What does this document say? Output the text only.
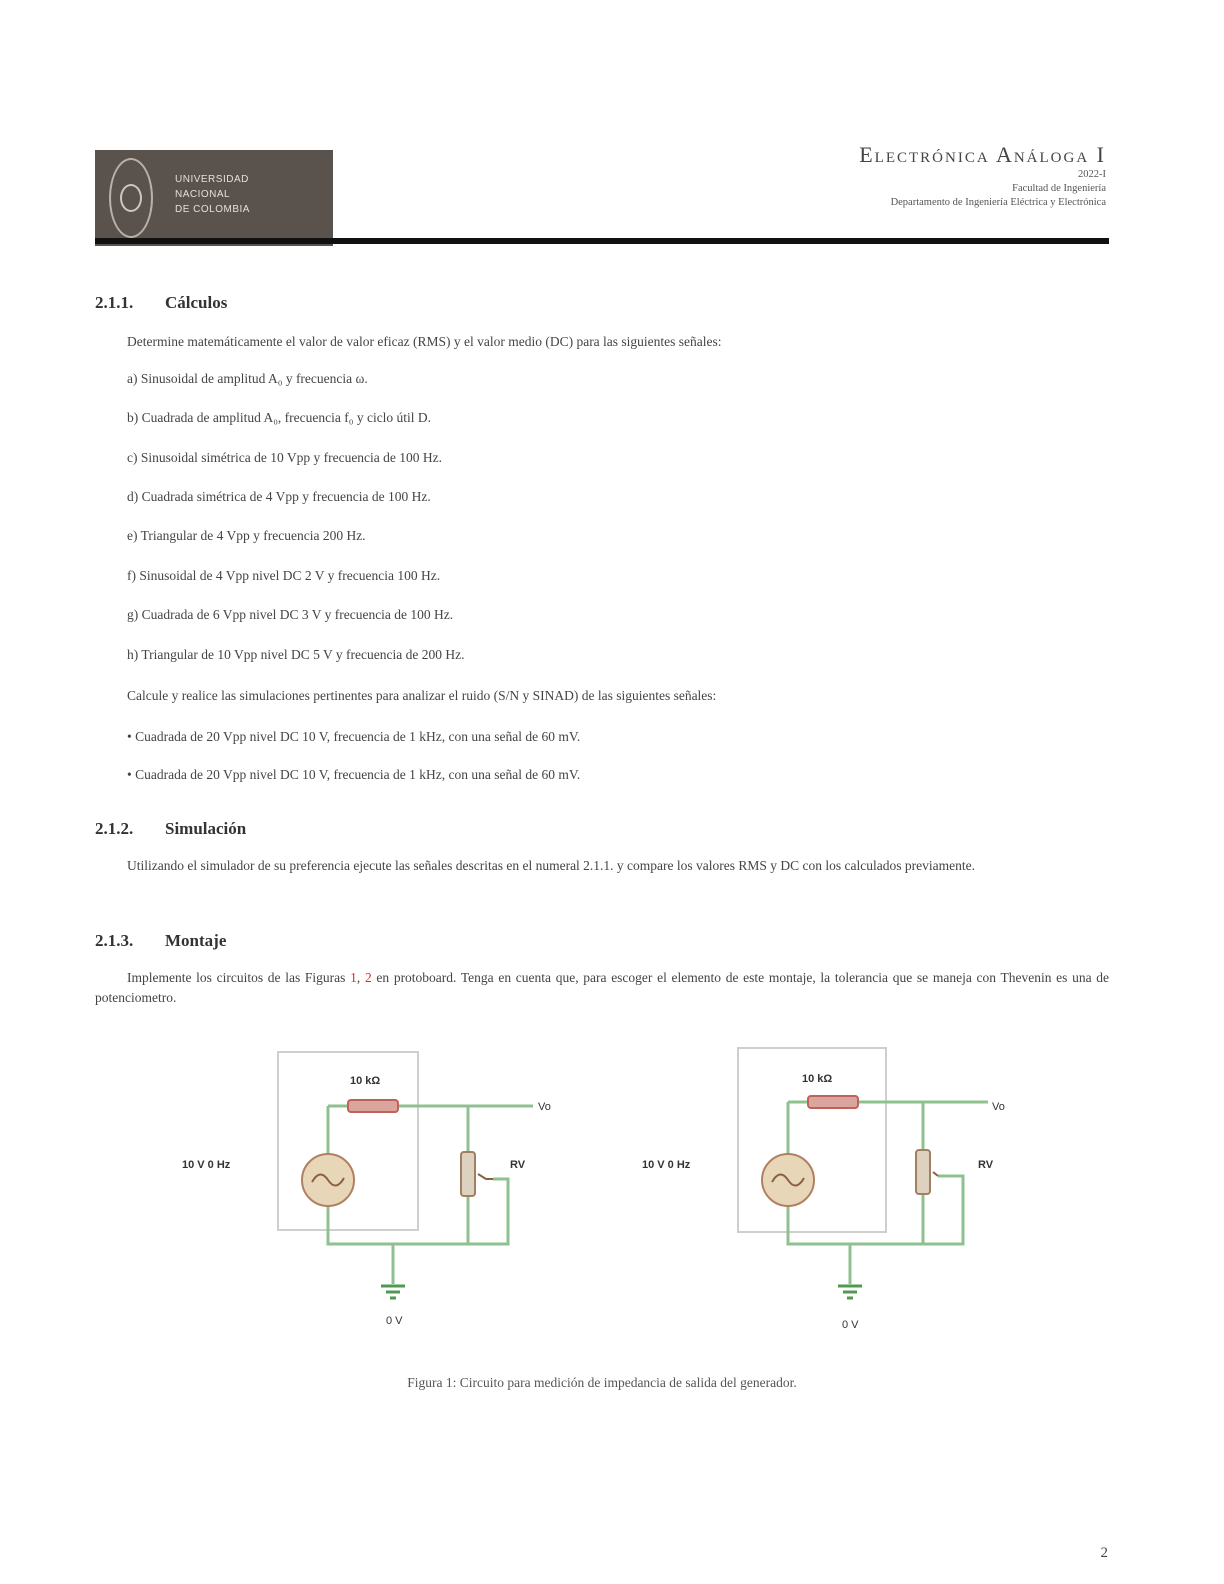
UNIVERSIDAD
NACIONAL
DE COLOMBIA
Electrónica Análoga I
2022-I
Facultad de Ingeniería
Departamento de Ingeniería Eléctrica y Electrónica
2.1.1. Cálculos
Determine matemáticamente el valor de valor eficaz (RMS) y el valor medio (DC) para las siguientes señales:
a) Sinusoidal de amplitud A₀ y frecuencia ω.
b) Cuadrada de amplitud A₀, frecuencia f₀ y ciclo útil D.
c) Sinusoidal simétrica de 10 Vpp y frecuencia de 100 Hz.
d) Cuadrada simétrica de 4 Vpp y frecuencia de 100 Hz.
e) Triangular de 4 Vpp y frecuencia 200 Hz.
f) Sinusoidal de 4 Vpp nivel DC 2 V y frecuencia 100 Hz.
g) Cuadrada de 6 Vpp nivel DC 3 V y frecuencia de 100 Hz.
h) Triangular de 10 Vpp nivel DC 5 V y frecuencia de 200 Hz.
Calcule y realice las simulaciones pertinentes para analizar el ruido (S/N y SINAD) de las siguientes señales:
• Cuadrada de 20 Vpp nivel DC 10 V, frecuencia de 1 kHz, con una señal de 60 mV.
• Cuadrada de 20 Vpp nivel DC 10 V, frecuencia de 1 kHz, con una señal de 60 mV.
2.1.2. Simulación
Utilizando el simulador de su preferencia ejecute las señales descritas en el numeral 2.1.1. y compare los valores RMS y DC con los calculados previamente.
2.1.3. Montaje
Implemente los circuitos de las Figuras 1, 2 en protoboard. Tenga en cuenta que, para escoger el elemento de este montaje, la tolerancia que se maneja con Thevenin es una de potenciometro.
10 kΩ
Vo
10 V 0 Hz	RV
0 V
10 kΩ
Vo
10 V 0 Hz	RV
0 V
Figura 1: Circuito para medición de impedancia de salida del generador.
2
